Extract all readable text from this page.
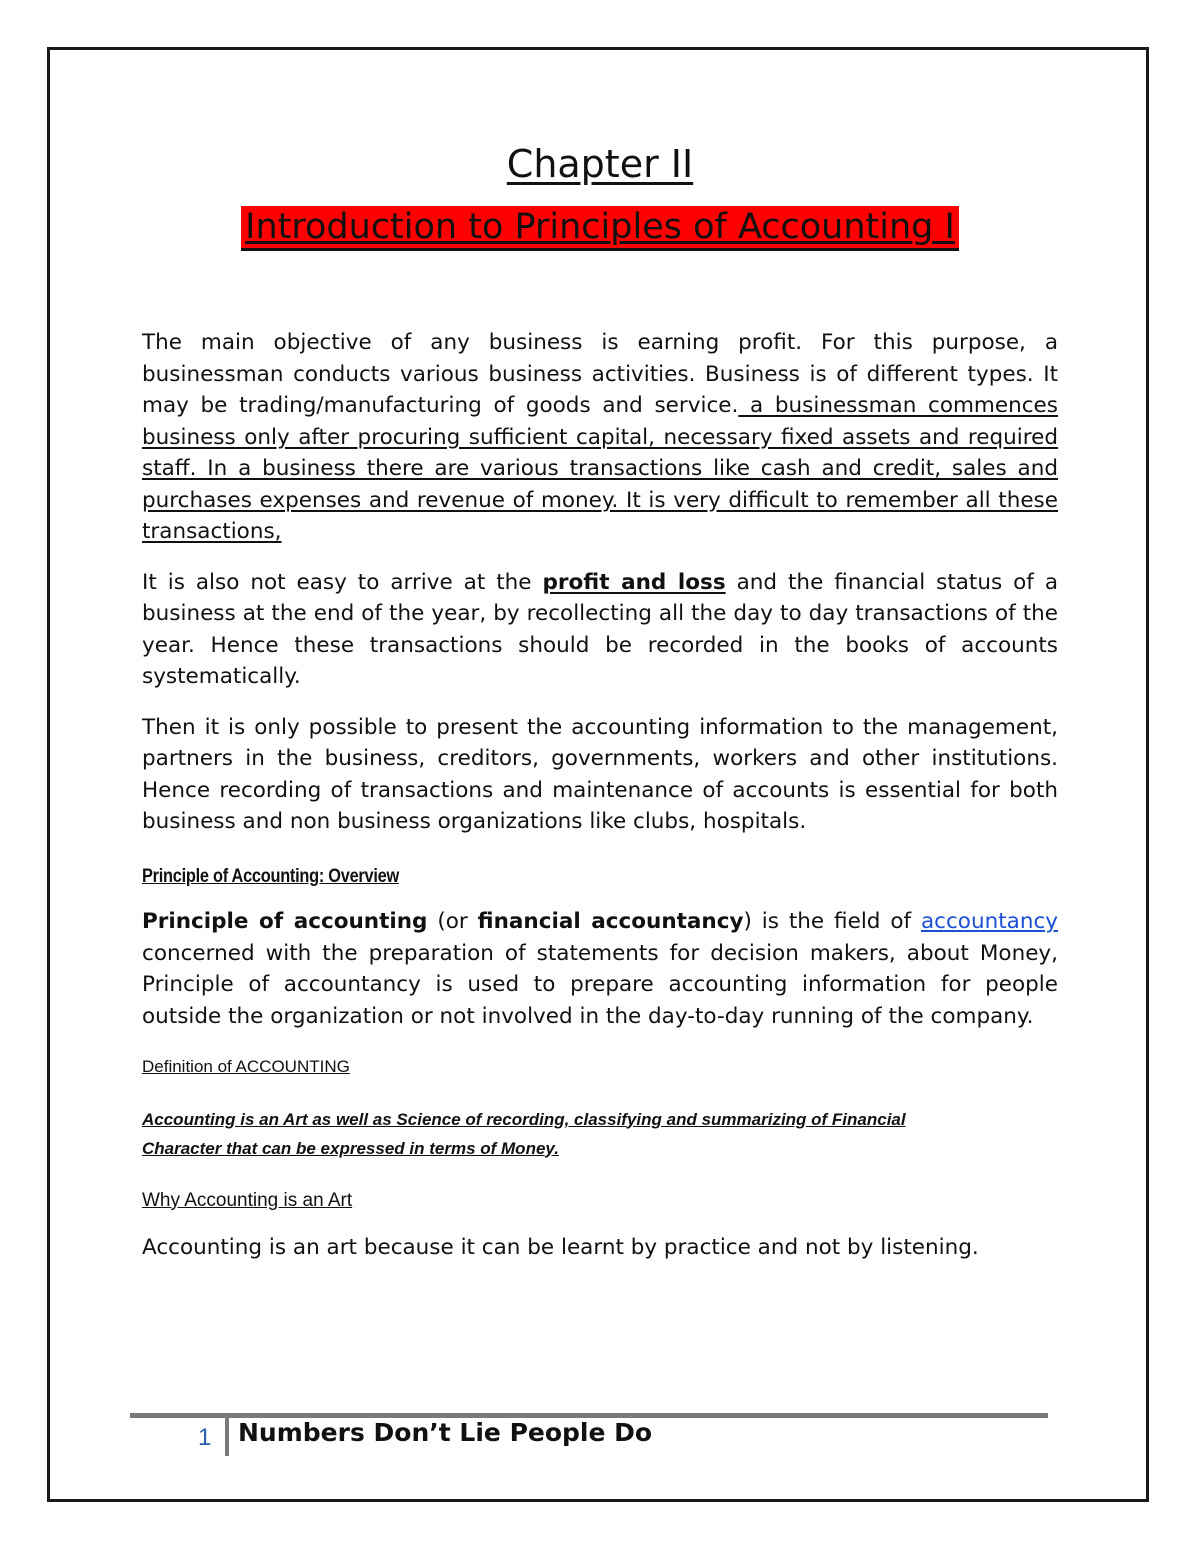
Chapter II
Introduction to Principles of Accounting I

The main objective of any business is earning profit. For this purpose, a businessman conducts various business activities. Business is of different types. It may be trading/manufacturing of goods and service. a businessman commences business only after procuring sufficient capital, necessary fixed assets and required staff. In a business there are various transactions like cash and credit, sales and purchases expenses and revenue of money. It is very difficult to remember all these transactions,

It is also not easy to arrive at the profit and loss and the financial status of a business at the end of the year, by recollecting all the day to day transactions of the year. Hence these transactions should be recorded in the books of accounts systematically.

Then it is only possible to present the accounting information to the management, partners in the business, creditors, governments, workers and other institutions. Hence recording of transactions and maintenance of accounts is essential for both business and non business organizations like clubs, hospitals.

Principle of Accounting: Overview

Principle of accounting (or financial accountancy) is the field of accountancy concerned with the preparation of statements for decision makers, about Money, Principle of accountancy is used to prepare accounting information for people outside the organization or not involved in the day-to-day running of the company.

Definition of ACCOUNTING
Accounting is an Art as well as Science of recording, classifying and summarizing of Financial
Character that can be expressed in terms of Money.
Why Accounting is an Art

Accounting is an art because it can be learnt by practice and not by listening.

1 Numbers Don’t Lie People Do
